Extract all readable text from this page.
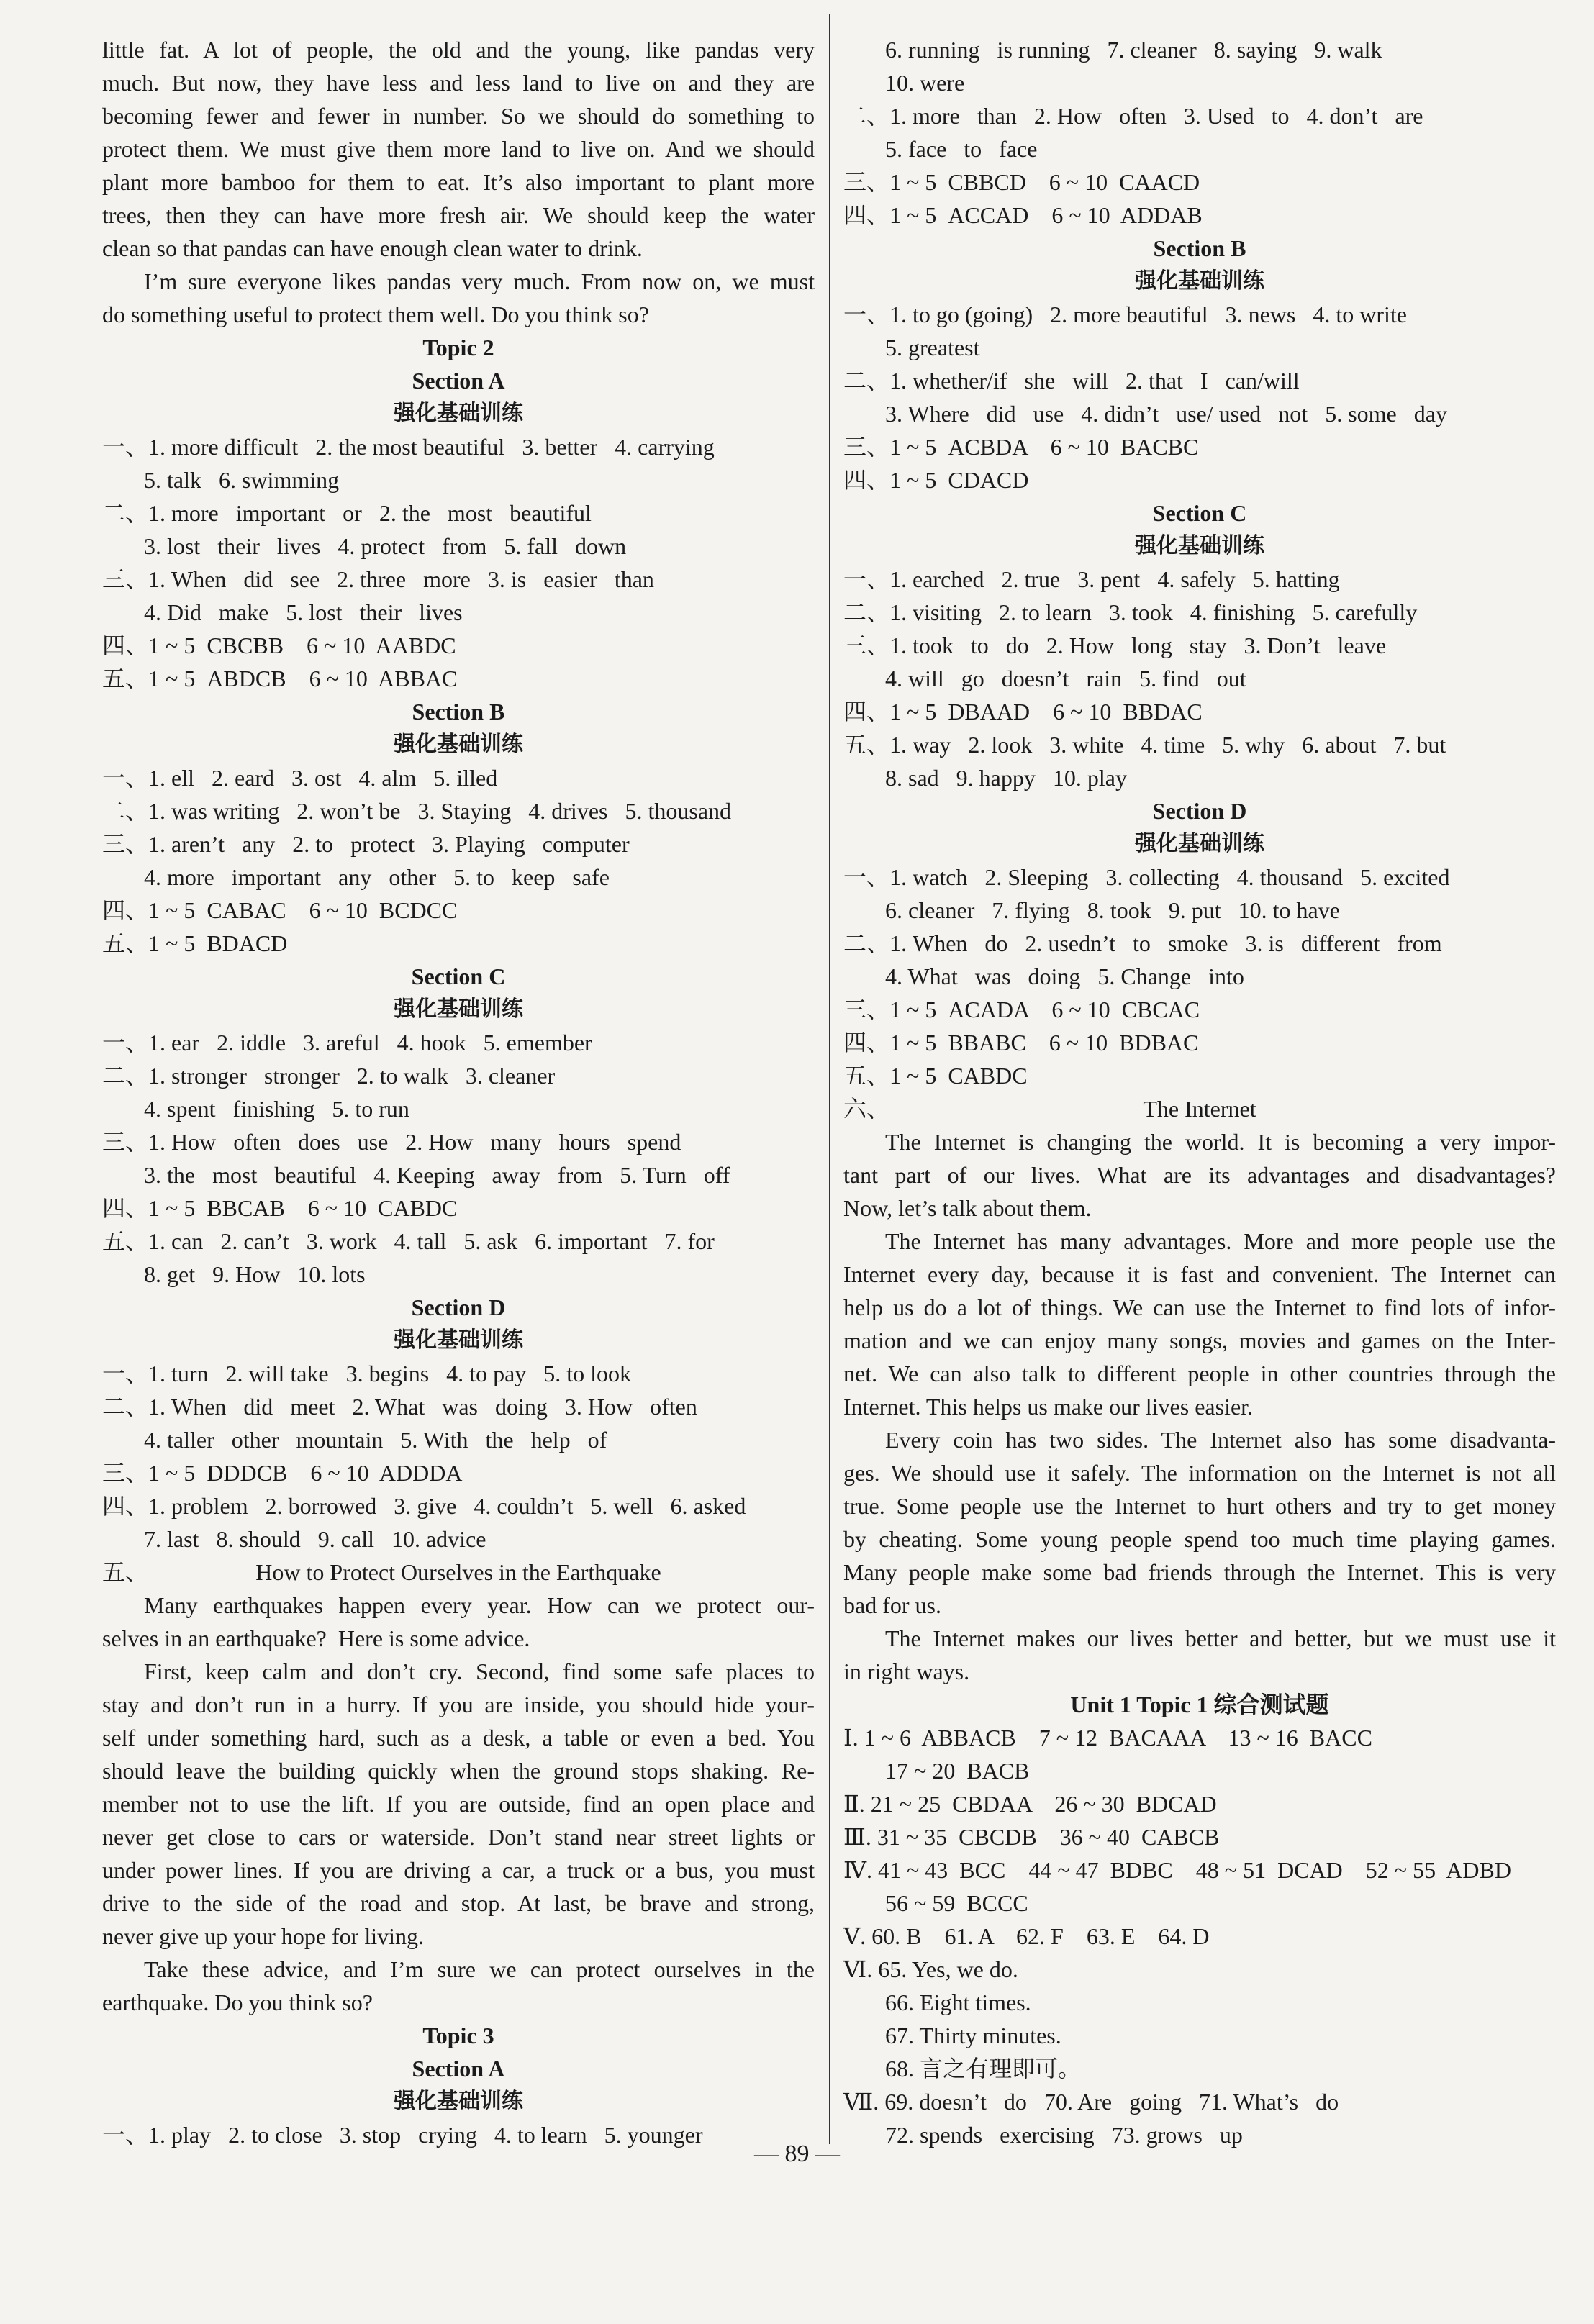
little fat. A lot of people, the old and the young, like pandas very
much. But now, they have less and less land to live on and they are
becoming fewer and fewer in number. So we should do something to
protect them. We must give them more land to live on. And we should
plant more bamboo for them to eat. It’s also important to plant more
trees, then they can have more fresh air. We should keep the water
clean so that pandas can have enough clean water to drink.
I’m sure everyone likes pandas very much. From now on, we must
do something useful to protect them well. Do you think so?
Topic 2
Section A
强化基础训练
一、1. more difficult   2. the most beautiful   3. better   4. carrying
5. talk   6. swimming
二、1. more   important   or   2. the   most   beautiful
3. lost   their   lives   4. protect   from   5. fall   down
三、1. When   did   see   2. three   more   3. is   easier   than
4. Did   make   5. lost   their   lives
四、1 ~ 5  CBCBB    6 ~ 10  AABDC
五、1 ~ 5  ABDCB    6 ~ 10  ABBAC
Section B
强化基础训练
一、1. ell   2. eard   3. ost   4. alm   5. illed
二、1. was writing   2. won’t be   3. Staying   4. drives   5. thousand
三、1. aren’t   any   2. to   protect   3. Playing   computer
4. more   important   any   other   5. to   keep   safe
四、1 ~ 5  CABAC    6 ~ 10  BCDCC
五、1 ~ 5  BDACD
Section C
强化基础训练
一、1. ear   2. iddle   3. areful   4. hook   5. emember
二、1. stronger   stronger   2. to walk   3. cleaner
4. spent   finishing   5. to run
三、1. How   often   does   use   2. How   many   hours   spend
3. the   most   beautiful   4. Keeping   away   from   5. Turn   off
四、1 ~ 5  BBCAB    6 ~ 10  CABDC
五、1. can   2. can’t   3. work   4. tall   5. ask   6. important   7. for
8. get   9. How   10. lots
Section D
强化基础训练
一、1. turn   2. will take   3. begins   4. to pay   5. to look
二、1. When   did   meet   2. What   was   doing   3. How   often
4. taller   other   mountain   5. With   the   help   of
三、1 ~ 5  DDDCB    6 ~ 10  ADDDA
四、1. problem   2. borrowed   3. give   4. couldn’t   5. well   6. asked
7. last   8. should   9. call   10. advice
五、	How to Protect Ourselves in the Earthquake
Many earthquakes happen every year. How can we protect our-
selves in an earthquake?  Here is some advice.
First, keep calm and don’t cry. Second, find some safe places to
stay and don’t run in a hurry. If you are inside, you should hide your-
self under something hard, such as a desk, a table or even a bed. You
should leave the building quickly when the ground stops shaking. Re-
member not to use the lift. If you are outside, find an open place and
never get close to cars or waterside. Don’t stand near street lights or
under power lines. If you are driving a car, a truck or a bus, you must
drive to the side of the road and stop. At last, be brave and strong,
never give up your hope for living.
Take these advice, and I’m sure we can protect ourselves in the
earthquake. Do you think so?
Topic 3
Section A
强化基础训练
一、1. play   2. to close   3. stop   crying   4. to learn   5. younger
6. running   is running   7. cleaner   8. saying   9. walk
10. were
二、1. more   than   2. How   often   3. Used   to   4. don’t   are
5. face   to   face
三、1 ~ 5  CBBCD    6 ~ 10  CAACD
四、1 ~ 5  ACCAD    6 ~ 10  ADDAB
Section B
强化基础训练
一、1. to go (going)   2. more beautiful   3. news   4. to write
5. greatest
二、1. whether/if   she   will   2. that   I   can/will
3. Where   did   use   4. didn’t   use/ used   not   5. some   day
三、1 ~ 5  ACBDA    6 ~ 10  BACBC
四、1 ~ 5  CDACD
Section C
强化基础训练
一、1. earched   2. true   3. pent   4. safely   5. hatting
二、1. visiting   2. to learn   3. took   4. finishing   5. carefully
三、1. took   to   do   2. How   long   stay   3. Don’t   leave
4. will   go   doesn’t   rain   5. find   out
四、1 ~ 5  DBAAD    6 ~ 10  BBDAC
五、1. way   2. look   3. white   4. time   5. why   6. about   7. but
8. sad   9. happy   10. play
Section D
强化基础训练
一、1. watch   2. Sleeping   3. collecting   4. thousand   5. excited
6. cleaner   7. flying   8. took   9. put   10. to have
二、1. When   do   2. usedn’t   to   smoke   3. is   different   from
4. What   was   doing   5. Change   into
三、1 ~ 5  ACADA    6 ~ 10  CBCAC
四、1 ~ 5  BBABC    6 ~ 10  BDBAC
五、1 ~ 5  CABDC
六、	The Internet
The Internet is changing the world. It is becoming a very impor-
tant part of our lives. What are its advantages and disadvantages?
Now, let’s talk about them.
The Internet has many advantages. More and more people use the
Internet every day, because it is fast and convenient. The Internet can
help us do a lot of things. We can use the Internet to find lots of infor-
mation and we can enjoy many songs, movies and games on the Inter-
net. We can also talk to different people in other countries through the
Internet. This helps us make our lives easier.
Every coin has two sides. The Internet also has some disadvanta-
ges. We should use it safely. The information on the Internet is not all
true. Some people use the Internet to hurt others and try to get money
by cheating. Some young people spend too much time playing games.
Many people make some bad friends through the Internet. This is very
bad for us.
The Internet makes our lives better and better, but we must use it
in right ways.
Unit 1 Topic 1 综合测试题
Ⅰ. 1 ~ 6  ABBACB    7 ~ 12  BACAAA    13 ~ 16  BACC
17 ~ 20  BACB
Ⅱ. 21 ~ 25  CBDAA    26 ~ 30  BDCAD
Ⅲ. 31 ~ 35  CBCDB    36 ~ 40  CABCB
Ⅳ. 41 ~ 43  BCC    44 ~ 47  BDBC    48 ~ 51  DCAD    52 ~ 55  ADBD
56 ~ 59  BCCC
Ⅴ. 60. B    61. A    62. F    63. E    64. D
Ⅵ. 65. Yes, we do.
66. Eight times.
67. Thirty minutes.
68. 言之有理即可。
Ⅶ. 69. doesn’t   do   70. Are   going   71. What’s   do
72. spends   exercising   73. grows   up
— 89 —
